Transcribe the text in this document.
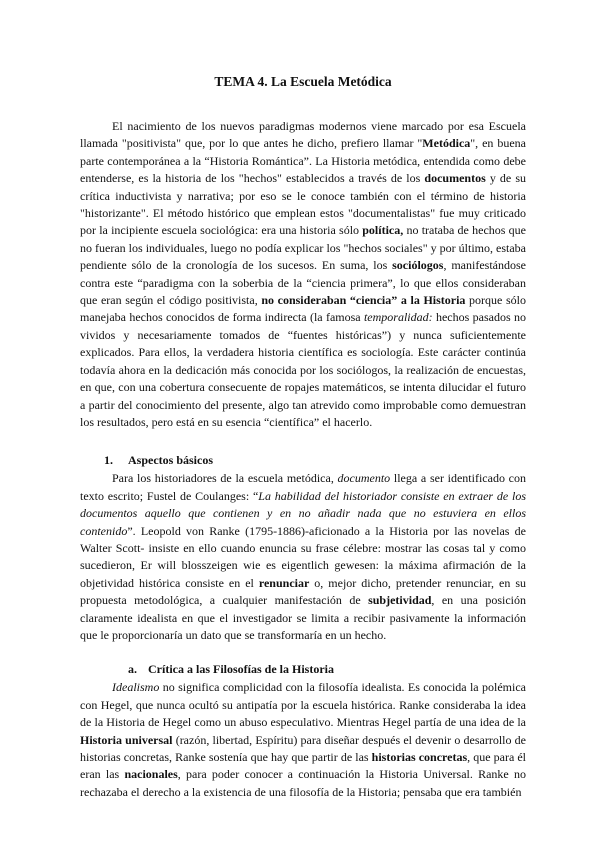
TEMA 4. La Escuela Metódica

El nacimiento de los nuevos paradigmas modernos viene marcado por esa Escuela llamada "positivista" que, por lo que antes he dicho, prefiero llamar "Metódica", en buena parte contemporánea a la “Historia Romántica”. La Historia metódica, entendida como debe entenderse, es la historia de los "hechos" establecidos a través de los documentos y de su crítica inductivista y narrativa; por eso se le conoce también con el término de historia "historizante". El método histórico que emplean estos "documentalistas" fue muy criticado por la incipiente escuela sociológica: era una historia sólo política, no trataba de hechos que no fueran los individuales, luego no podía explicar los "hechos sociales" y por último, estaba pendiente sólo de la cronología de los sucesos. En suma, los sociólogos, manifestándose contra este “paradigma con la soberbia de la “ciencia primera”, lo que ellos consideraban que eran según el código positivista, no consideraban “ciencia” a la Historia porque sólo manejaba hechos conocidos de forma indirecta (la famosa temporalidad: hechos pasados no vividos y necesariamente tomados de “fuentes históricas”) y nunca suficientemente explicados. Para ellos, la verdadera historia científica es sociología. Este carácter continúa todavía ahora en la dedicación más conocida por los sociólogos, la realización de encuestas, en que, con una cobertura consecuente de ropajes matemáticos, se intenta dilucidar el futuro a partir del conocimiento del presente, algo tan atrevido como improbable como demuestran los resultados, pero está en su esencia “científica” el hacerlo.

1. Aspectos básicos

Para los historiadores de la escuela metódica, documento llega a ser identificado con texto escrito; Fustel de Coulanges: “La habilidad del historiador consiste en extraer de los documentos aquello que contienen y en no añadir nada que no estuviera en ellos contenido”. Leopold von Ranke (1795-1886)-aficionado a la Historia por las novelas de Walter Scott- insiste en ello cuando enuncia su frase célebre: mostrar las cosas tal y como sucedieron, Er will blosszeigen wie es eigentlich gewesen: la máxima afirmación de la objetividad histórica consiste en el renunciar o, mejor dicho, pretender renunciar, en su propuesta metodológica, a cualquier manifestación de subjetividad, en una posición claramente idealista en que el investigador se limita a recibir pasivamente la información que le proporcionaría un dato que se transformaría en un hecho.

a. Crítica a las Filosofías de la Historia

Idealismo no significa complicidad con la filosofía idealista. Es conocida la polémica con Hegel, que nunca ocultó su antipatía por la escuela histórica. Ranke consideraba la idea de la Historia de Hegel como un abuso especulativo. Mientras Hegel partía de una idea de la Historia universal (razón, libertad, Espíritu) para diseñar después el devenir o desarrollo de historias concretas, Ranke sostenía que hay que partir de las historias concretas, que para él eran las nacionales, para poder conocer a continuación la Historia Universal. Ranke no rechazaba el derecho a la existencia de una filosofía de la Historia; pensaba que era también
